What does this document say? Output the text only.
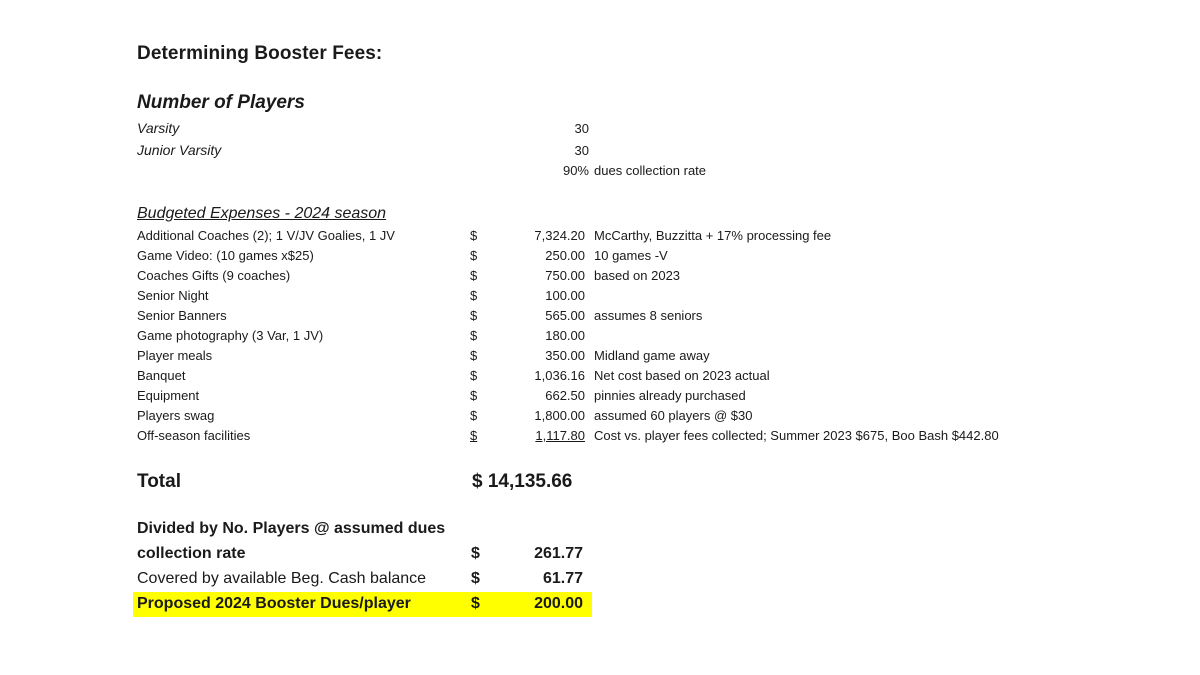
Determining Booster Fees:
Number of Players
Varsity	30
Junior Varsity	30
90% dues collection rate
Budgeted Expenses - 2024 season
Additional Coaches (2); 1 V/JV Goalies, 1 JV	$	7,324.20 McCarthy, Buzzitta + 17% processing fee
Game Video: (10 games x$25)	$	250.00 10 games -V
Coaches Gifts (9 coaches)	$	750.00 based on 2023
Senior Night	$	100.00
Senior Banners	$	565.00 assumes 8 seniors
Game photography (3 Var, 1 JV)	$	180.00
Player meals	$	350.00 Midland game away
Banquet	$	1,036.16 Net cost based on 2023 actual
Equipment	$	662.50 pinnies already purchased
Players swag	$	1,800.00 assumed 60 players @ $30
Off-season facilities	$	1,117.80 Cost vs. player fees collected; Summer 2023 $675, Boo Bash $442.80
Total	$ 14,135.66
Divided by No. Players @ assumed dues
collection rate	$	261.77
Covered by available Beg. Cash balance	$	61.77
Proposed 2024 Booster Dues/player	$	200.00
